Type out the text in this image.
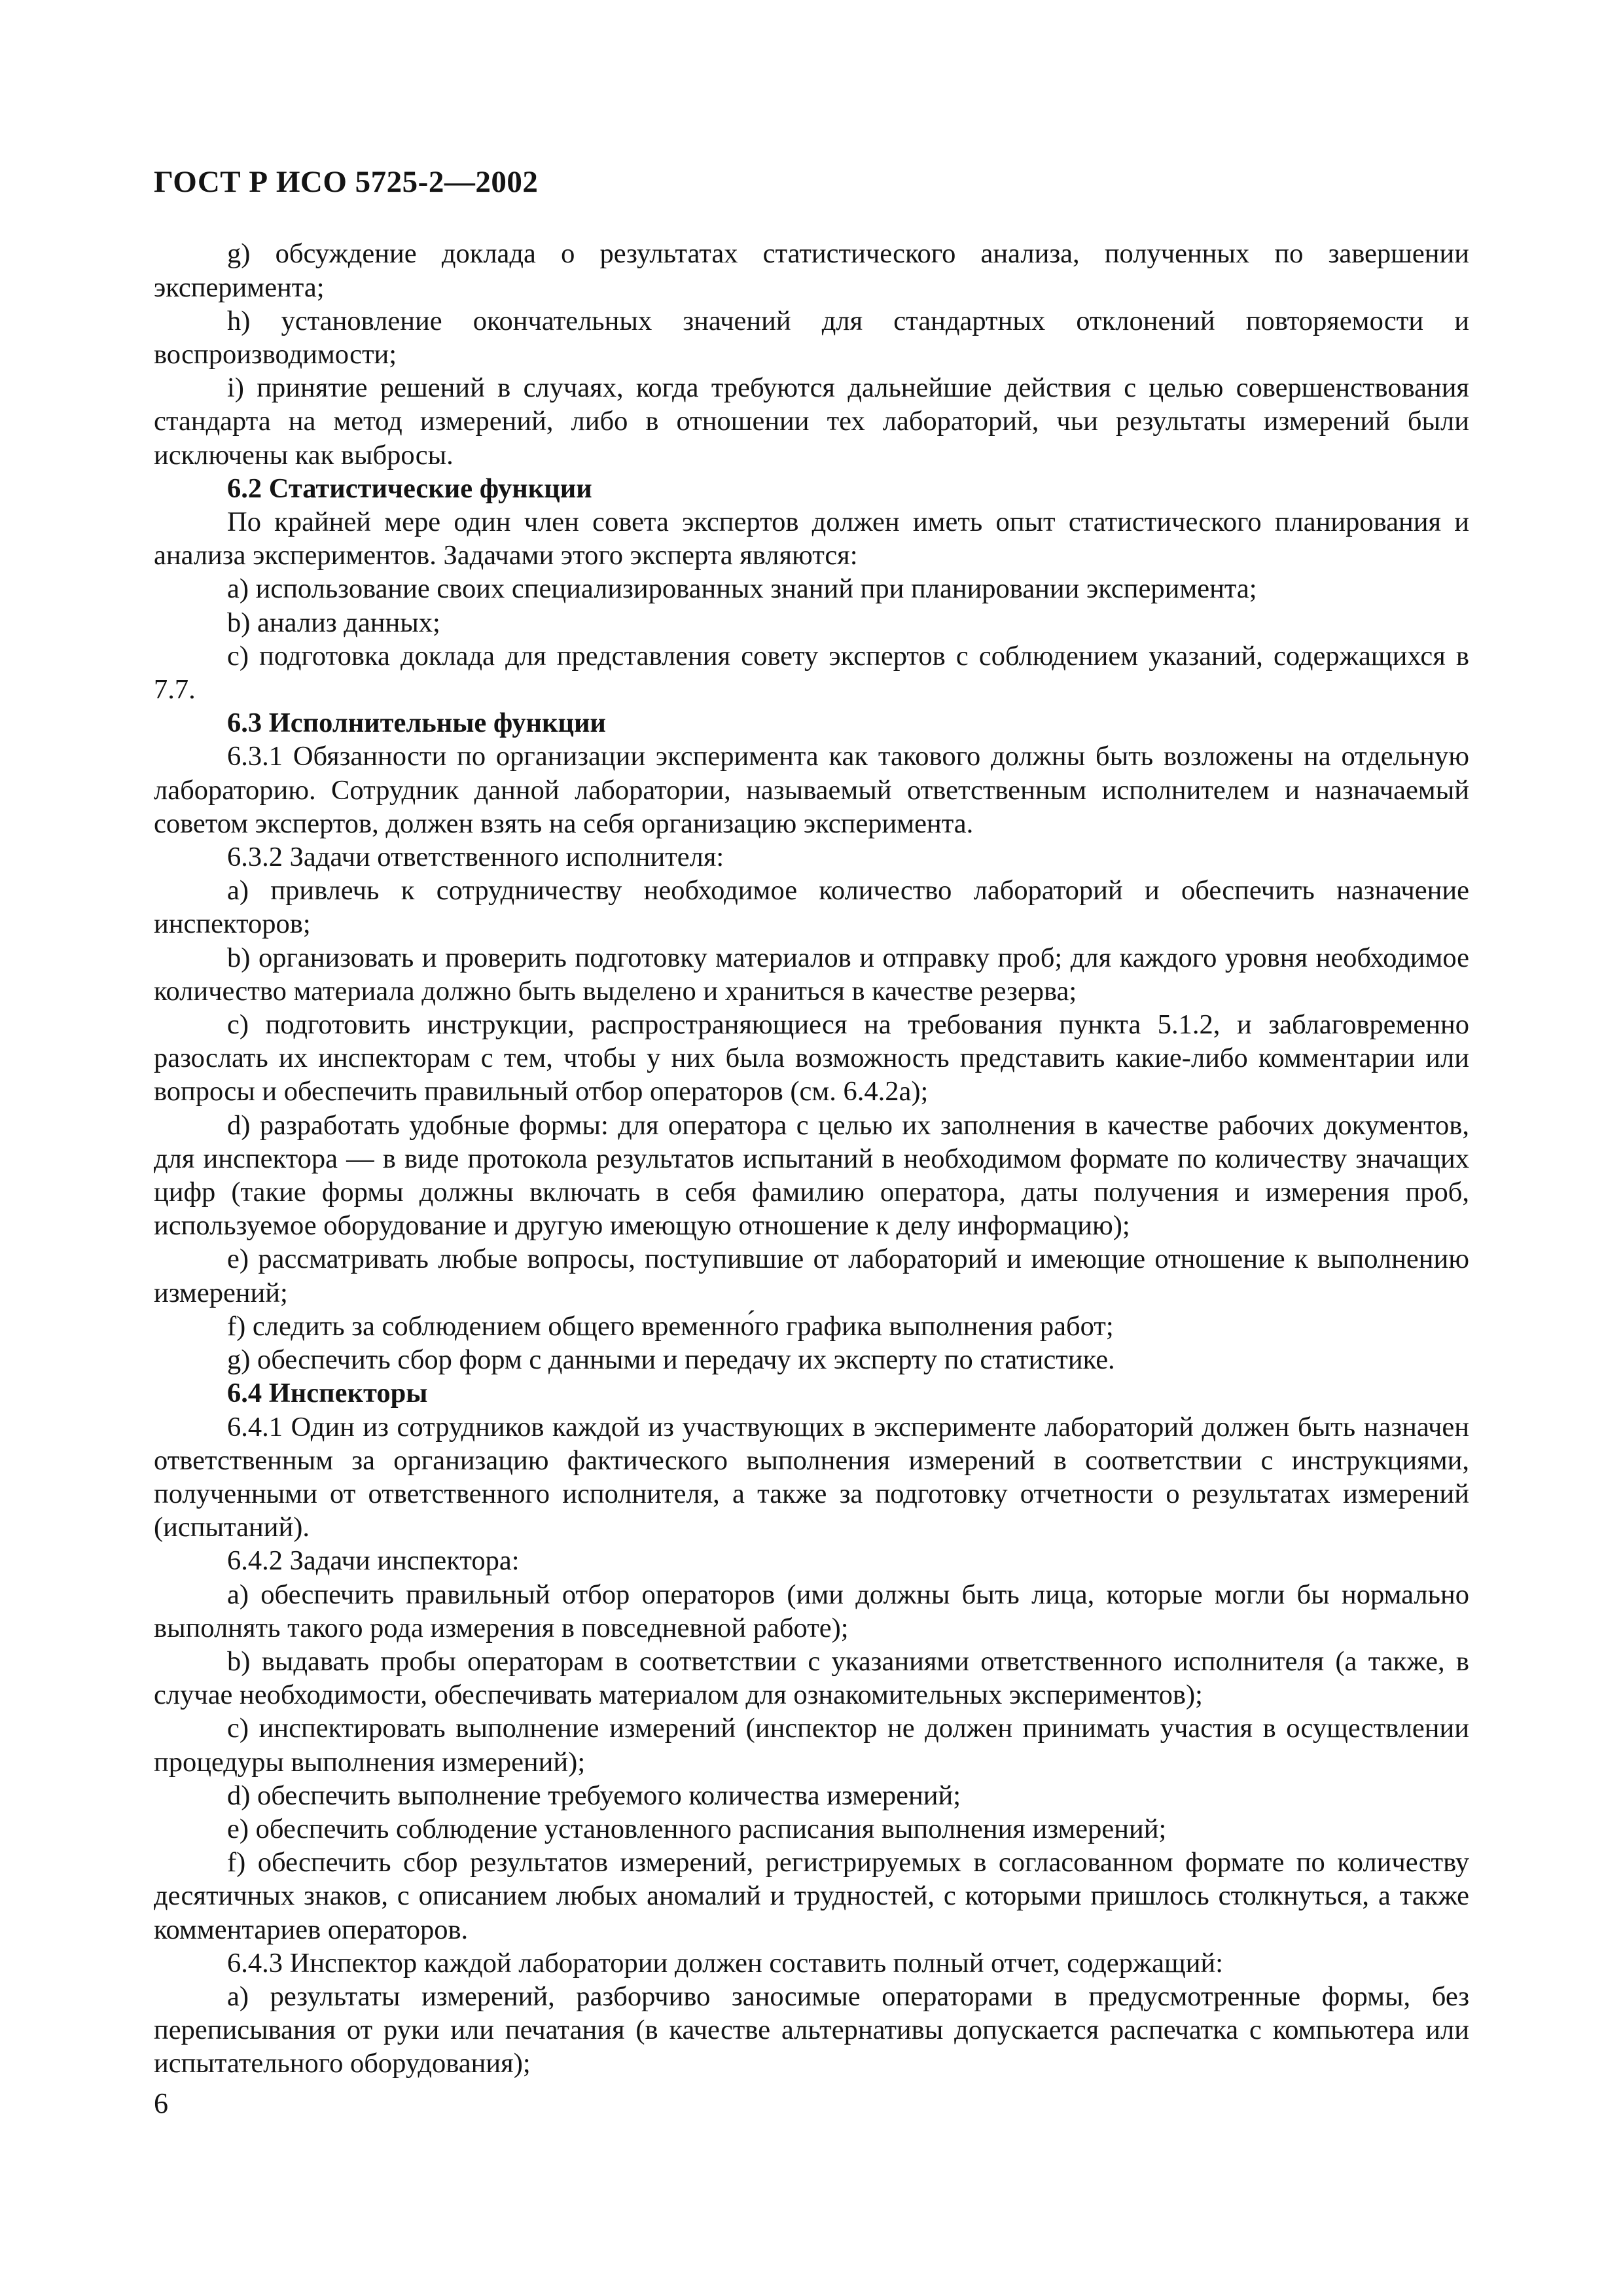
ГОСТ Р ИСО 5725-2—2002

g) обсуждение доклада о результатах статистического анализа, полученных по завершении эксперимента;

h) установление окончательных значений для стандартных отклонений повторяемости и воспроизводимости;

i) принятие решений в случаях, когда требуются дальнейшие действия с целью совершенствования стандарта на метод измерений, либо в отношении тех лабораторий, чьи результаты измерений были исключены как выбросы.

6.2 Статистические функции

По крайней мере один член совета экспертов должен иметь опыт статистического планирования и анализа экспериментов. Задачами этого эксперта являются:

a) использование своих специализированных знаний при планировании эксперимента;

b) анализ данных;

c) подготовка доклада для представления совету экспертов с соблюдением указаний, содержащихся в 7.7.

6.3 Исполнительные функции

6.3.1 Обязанности по организации эксперимента как такового должны быть возложены на отдельную лабораторию. Сотрудник данной лаборатории, называемый ответственным исполнителем и назначаемый советом экспертов, должен взять на себя организацию эксперимента.

6.3.2 Задачи ответственного исполнителя:

a) привлечь к сотрудничеству необходимое количество лабораторий и обеспечить назначение инспекторов;

b) организовать и проверить подготовку материалов и отправку проб; для каждого уровня необходимое количество материала должно быть выделено и храниться в качестве резерва;

c) подготовить инструкции, распространяющиеся на требования пункта 5.1.2, и заблаговременно разослать их инспекторам с тем, чтобы у них была возможность представить какие-либо комментарии или вопросы и обеспечить правильный отбор операторов (см. 6.4.2a);

d) разработать удобные формы: для оператора с целью их заполнения в качестве рабочих документов, для инспектора — в виде протокола результатов испытаний в необходимом формате по количеству значащих цифр (такие формы должны включать в себя фамилию оператора, даты получения и измерения проб, используемое оборудование и другую имеющую отношение к делу информацию);

e) рассматривать любые вопросы, поступившие от лабораторий и имеющие отношение к выполнению измерений;

f) следить за соблюдением общего временно́го графика выполнения работ;

g) обеспечить сбор форм с данными и передачу их эксперту по статистике.

6.4 Инспекторы

6.4.1 Один из сотрудников каждой из участвующих в эксперименте лабораторий должен быть назначен ответственным за организацию фактического выполнения измерений в соответствии с инструкциями, полученными от ответственного исполнителя, а также за подготовку отчетности о результатах измерений (испытаний).

6.4.2 Задачи инспектора:

a) обеспечить правильный отбор операторов (ими должны быть лица, которые могли бы нормально выполнять такого рода измерения в повседневной работе);

b) выдавать пробы операторам в соответствии с указаниями ответственного исполнителя (а также, в случае необходимости, обеспечивать материалом для ознакомительных экспериментов);

c) инспектировать выполнение измерений (инспектор не должен принимать участия в осуществлении процедуры выполнения измерений);

d) обеспечить выполнение требуемого количества измерений;

e) обеспечить соблюдение установленного расписания выполнения измерений;

f) обеспечить сбор результатов измерений, регистрируемых в согласованном формате по количеству десятичных знаков, с описанием любых аномалий и трудностей, с которыми пришлось столкнуться, а также комментариев операторов.

6.4.3 Инспектор каждой лаборатории должен составить полный отчет, содержащий:

a) результаты измерений, разборчиво заносимые операторами в предусмотренные формы, без переписывания от руки или печатания (в качестве альтернативы допускается распечатка с компьютера или испытательного оборудования);

6
